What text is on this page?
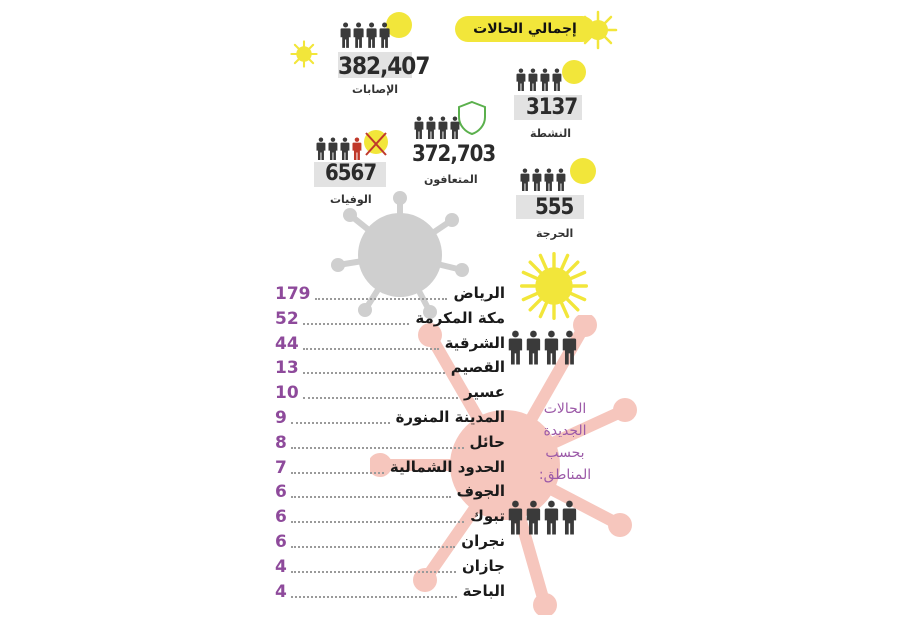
إجمالي الحالات
382,407
الإصابات
3137
النشطة
372,703
المتعافون
6567
الوفيات	555
الحرجة
الحالات
الجديدة
بحسب
المناطق:
179	الرياض
52	مكة المكرمة
44	الشرقية
13	القصيم
10	عسير
9	المدينة المنورة
8	حائل
7	الحدود الشمالية
6	الجوف
6	تبوك
6	نجران
4	جازان
4	الباحة
